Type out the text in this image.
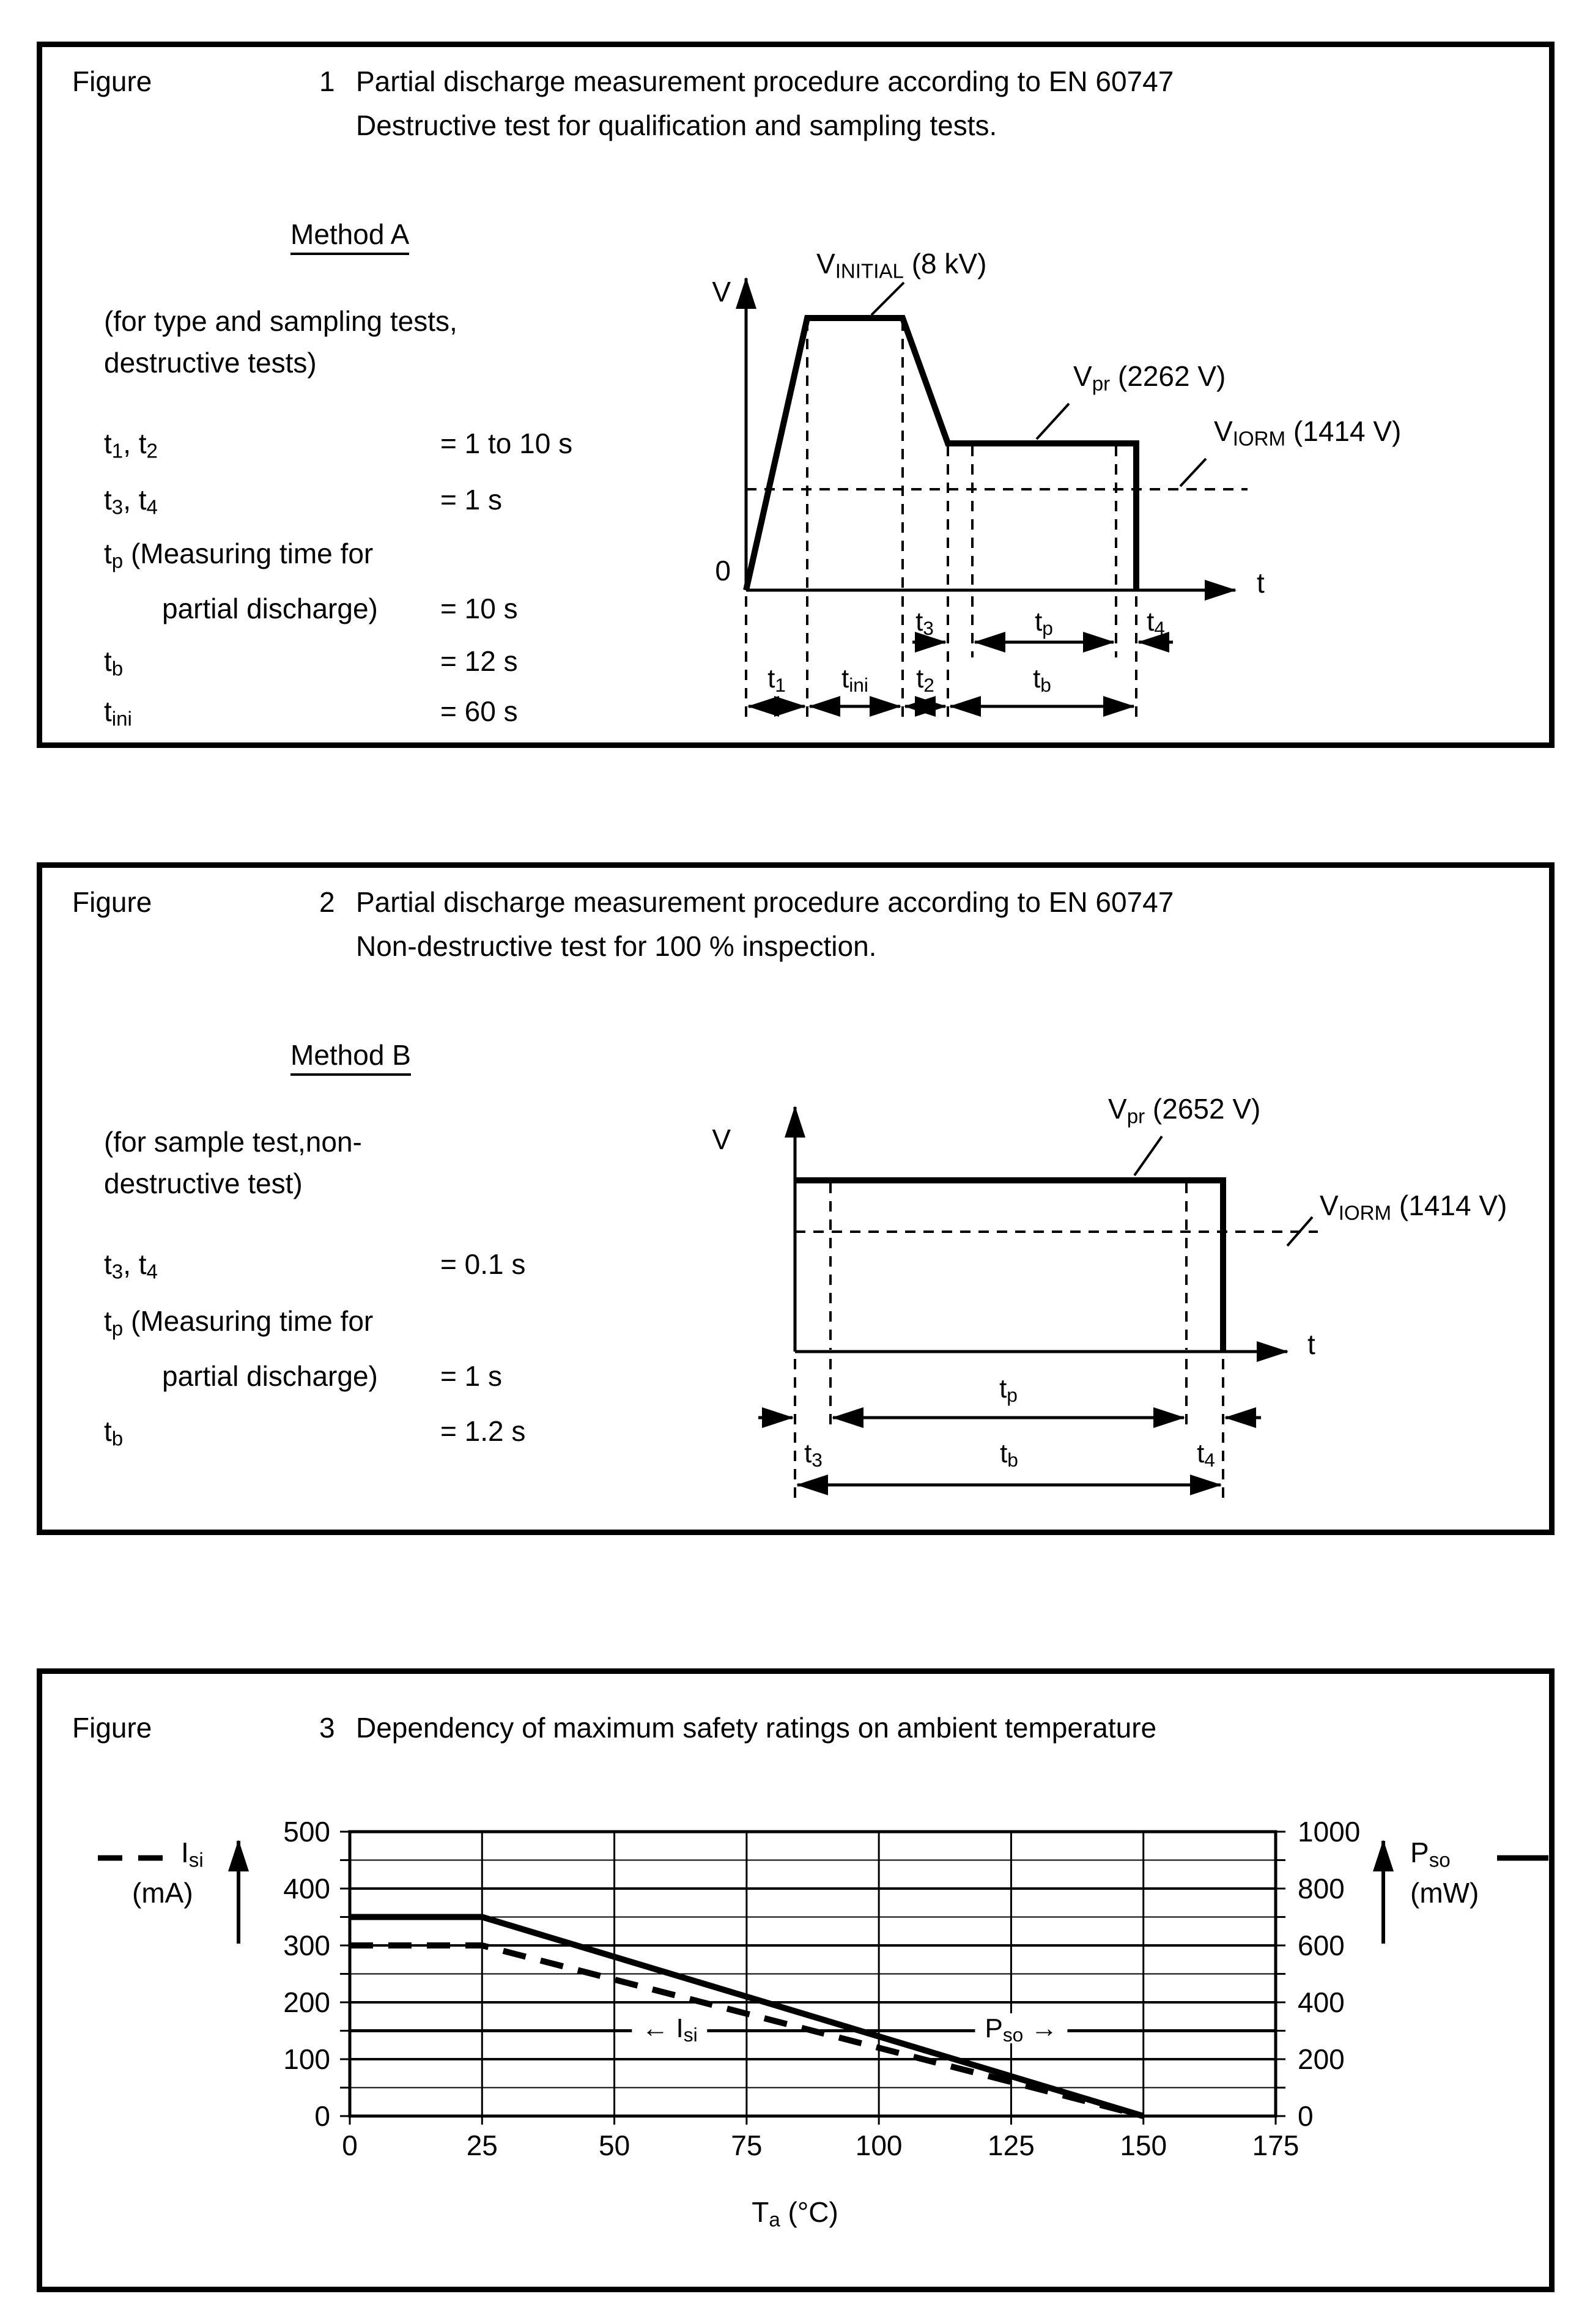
0	25	50	75	100	125	150	175
0
100
200
300
400
500
0
200
400
600
800
1000
Figure	1 Partial discharge measurement procedure according to EN 60747
Destructive test for qualification and sampling tests.
Method A
(for type and sampling tests,
destructive tests)
$t_1$, $t_2$	= 1 to 10 s
$t_3$, $t_4$	= 1 s
$t_p$ (Measuring time for
partial discharge) = 10 s
$t_b$	= 12 s
$t_{ini}$	= 60 s
V
0	t
$V_{INITIAL}$ (8 kV)
$V_{pr}$ (2262 V)
$V_{IORM}$ (1414 V)
$t_3$	$t_p$	$t_4$
$t_1$	$t_{ini}$	$t_2$	$t_b$
Figure	2 Partial discharge measurement procedure according to EN 60747
Non-destructive test for 100 % inspection.
Method B
(for sample test,non-
destructive test)
$t_3$, $t_4$	= 0.1 s
$t_p$ (Measuring time for
partial discharge) = 1 s
$t_b$	= 1.2 s
V
t
$V_{pr}$ (2652 V)
$V_{IORM}$ (1414 V)
$t_p$
$t_3$	$t_b$	$t_4$
Figure	3 Dependency of maximum safety ratings on ambient temperature
$I_{si}$
(mA)
$P_{so}$
(mW)
← $I_{si}$	$P_{so}$ →
$T_a$ (°C)
